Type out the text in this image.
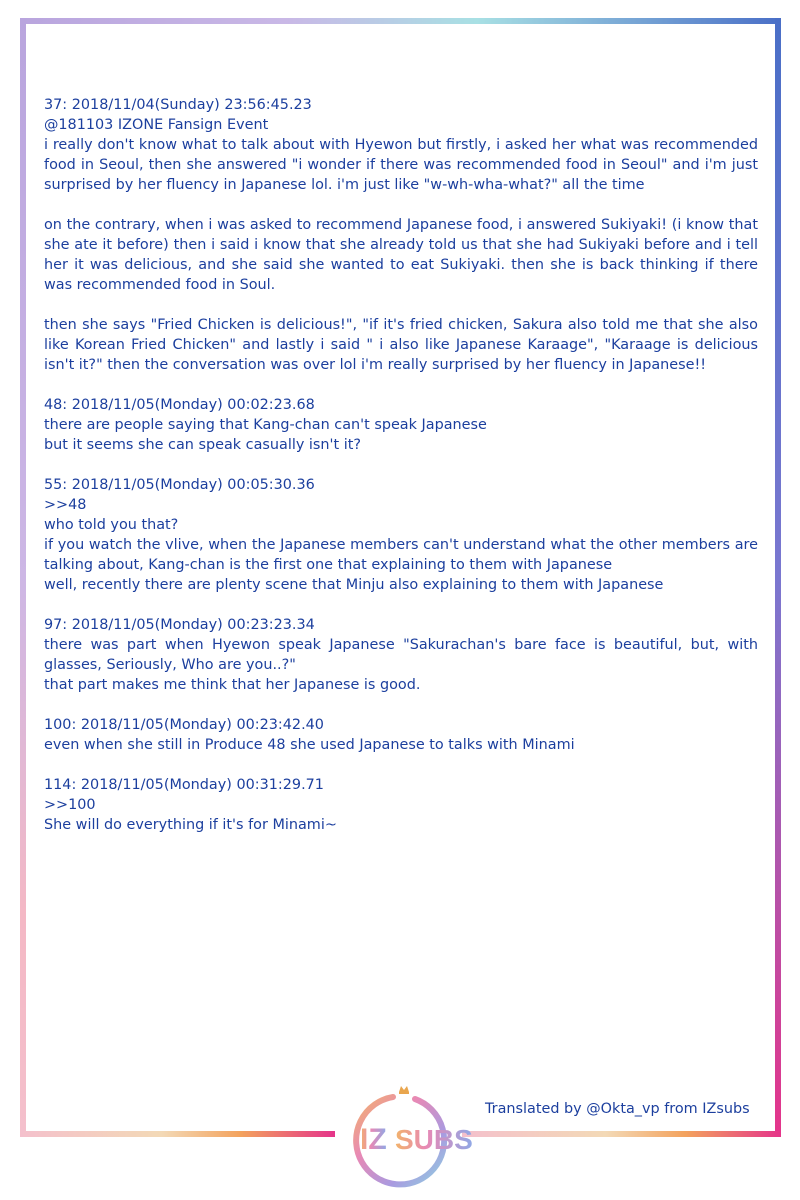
37: 2018/11/04(Sunday) 23:56:45.23

@181103 IZONE Fansign Event
i really don't know what to talk about with Hyewon but firstly, i asked her what was recommended food in Seoul, then she answered "i wonder if there was recommended food in Seoul" and i'm just surprised by her fluency in Japanese lol. i'm just like "w-wh-wha-what?" all the time

on the contrary, when i was asked to recommend Japanese food, i answered Sukiyaki! (i know that she ate it before) then i said i know that she already told us that she had Sukiyaki before and i tell her it was delicious, and she said she wanted to eat Sukiyaki. then she is back thinking if there was recommended food in Soul.

then she says "Fried Chicken is delicious!", "if it's fried chicken, Sakura also told me that she also like Korean Fried Chicken" and lastly i said " i also like Japanese Karaage", "Karaage is delicious isn't it?" then the conversation was over lol i'm really surprised by her fluency in Japanese!!

48: 2018/11/05(Monday) 00:02:23.68

there are people saying that Kang-chan can't speak Japanese
but it seems she can speak casually isn't it?

55: 2018/11/05(Monday) 00:05:30.36

>>48
who told you that?
if you watch the vlive, when the Japanese members can't understand what the other members are talking about, Kang-chan is the first one that explaining to them with Japanese
well, recently there are plenty scene that Minju also explaining to them with Japanese

97: 2018/11/05(Monday) 00:23:23.34

there was part when Hyewon speak Japanese "Sakurachan's bare face is beautiful, but, with glasses, Seriously, Who are you..?"
that part makes me think that her Japanese is good.

100: 2018/11/05(Monday) 00:23:42.40

even when she still in Produce 48 she used Japanese to talks with Minami

114: 2018/11/05(Monday) 00:31:29.71

>>100
She will do everything if it's for Minami~

IZ SUBS
Translated by @Okta_vp from IZsubs
